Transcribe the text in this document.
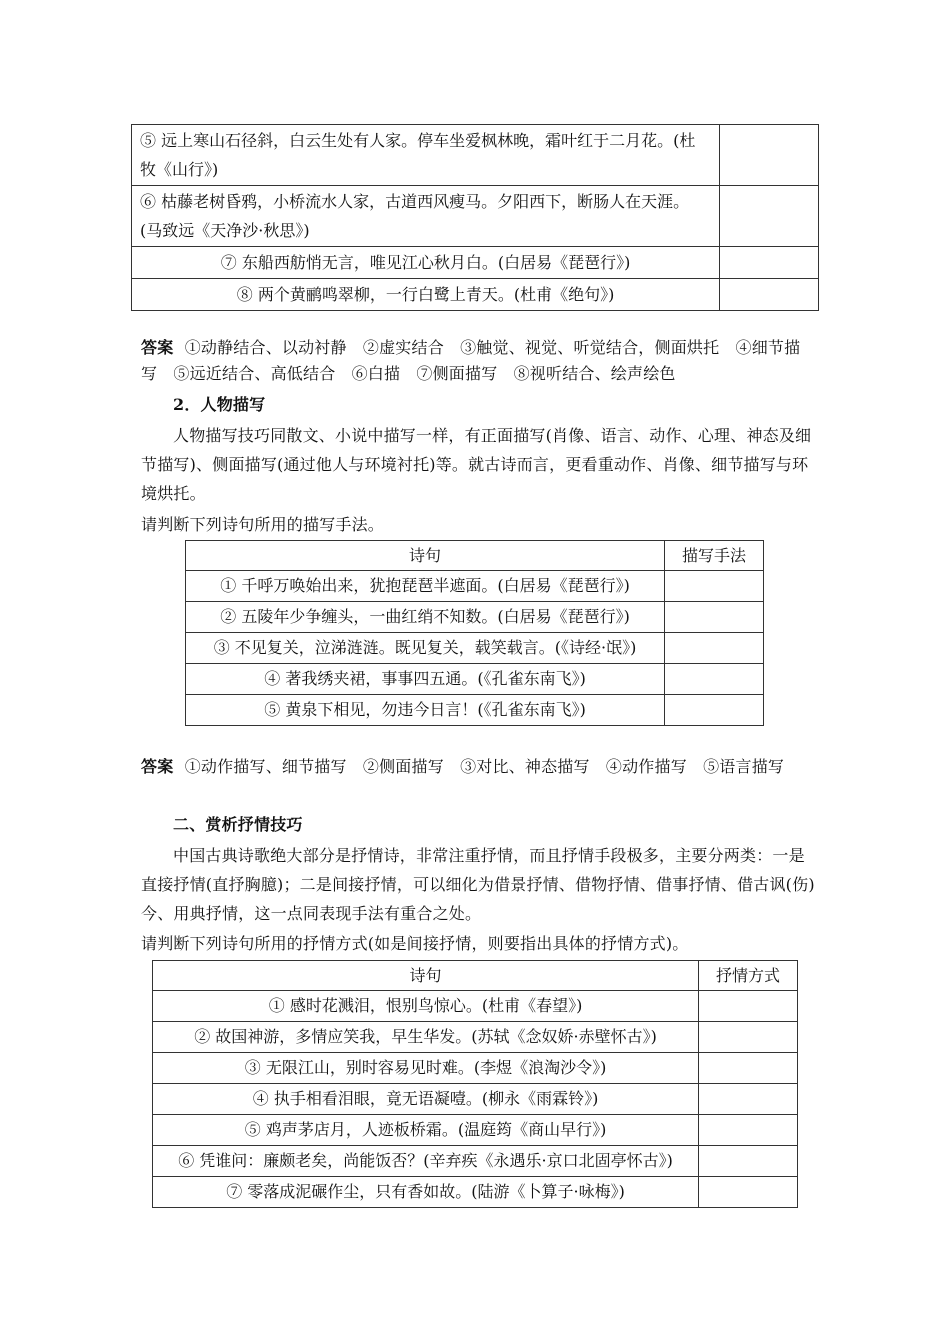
⑤ 远上寒山石径斜，白云生处有人家。停车坐爱枫林晚，霜叶红于二月花。(杜牧《山行》)	
⑥ 枯藤老树昏鸦，小桥流水人家，古道西风瘦马。夕阳西下，断肠人在天涯。(马致远《天净沙·秋思》)	
⑦ 东船西舫悄无言，唯见江心秋月白。(白居易《琵琶行》)	
⑧ 两个黄鹂鸣翠柳，一行白鹭上青天。(杜甫《绝句》)	
答案 ①动静结合、以动衬静　②虚实结合　③触觉、视觉、听觉结合，侧面烘托　④细节描写　⑤远近结合、高低结合　⑥白描　⑦侧面描写　⑧视听结合、绘声绘色
2．人物描写
人物描写技巧同散文、小说中描写一样，有正面描写(肖像、语言、动作、心理、神态及细节描写)、侧面描写(通过他人与环境衬托)等。就古诗而言，更看重动作、肖像、细节描写与环境烘托。
请判断下列诗句所用的描写手法。
诗句	描写手法
① 千呼万唤始出来，犹抱琵琶半遮面。(白居易《琵琶行》)	
② 五陵年少争缠头，一曲红绡不知数。(白居易《琵琶行》)	
③ 不见复关，泣涕涟涟。既见复关，载笑载言。(《诗经·氓》)	
④ 著我绣夹裙，事事四五通。(《孔雀东南飞》)	
⑤ 黄泉下相见，勿违今日言！(《孔雀东南飞》)	
答案 ①动作描写、细节描写　②侧面描写　③对比、神态描写　④动作描写　⑤语言描写
二、赏析抒情技巧
中国古典诗歌绝大部分是抒情诗，非常注重抒情，而且抒情手段极多，主要分两类：一是直接抒情(直抒胸臆)；二是间接抒情，可以细化为借景抒情、借物抒情、借事抒情、借古讽(伤)今、用典抒情，这一点同表现手法有重合之处。
请判断下列诗句所用的抒情方式(如是间接抒情，则要指出具体的抒情方式)。
诗句	抒情方式
① 感时花溅泪，恨别鸟惊心。(杜甫《春望》)	
② 故国神游，多情应笑我，早生华发。(苏轼《念奴娇·赤壁怀古》)	
③ 无限江山，别时容易见时难。(李煜《浪淘沙令》)	
④ 执手相看泪眼，竟无语凝噎。(柳永《雨霖铃》)	
⑤ 鸡声茅店月，人迹板桥霜。(温庭筠《商山早行》)	
⑥ 凭谁问：廉颇老矣，尚能饭否？(辛弃疾《永遇乐·京口北固亭怀古》)	
⑦ 零落成泥碾作尘，只有香如故。(陆游《卜算子·咏梅》)	
